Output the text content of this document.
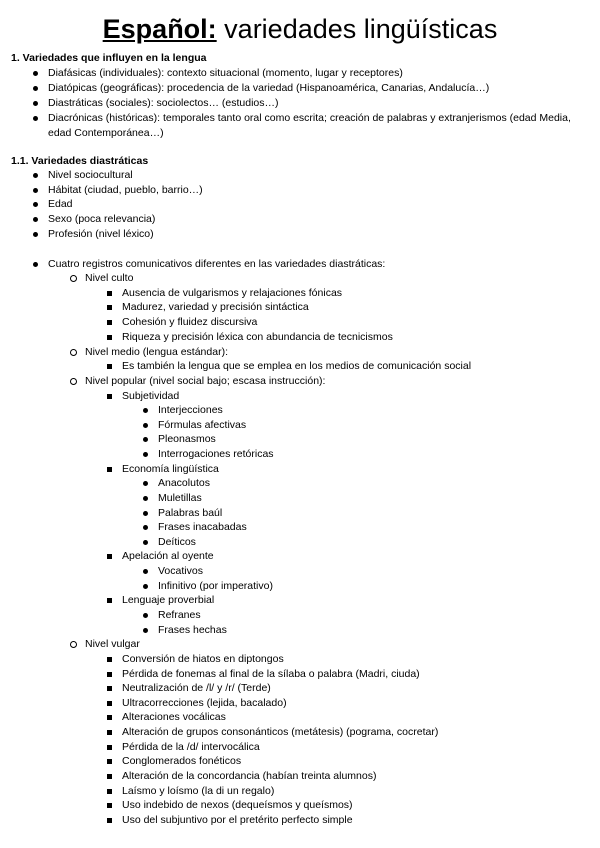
Español: variedades lingüísticas
1. Variedades que influyen en la lengua
Diafásicas (individuales): contexto situacional (momento, lugar y receptores)
Diatópicas (geográficas): procedencia de la variedad (Hispanoamérica, Canarias, Andalucía…)
Diastráticas (sociales): sociolectos… (estudios…)
Diacrónicas (históricas): temporales tanto oral como escrita; creación de palabras y extranjerismos (edad Media, edad Contemporánea…)
1.1. Variedades diastráticas
Nivel sociocultural
Hábitat (ciudad, pueblo, barrio…)
Edad
Sexo (poca relevancia)
Profesión (nivel léxico)
Cuatro registros comunicativos diferentes en las variedades diastráticas:
Nivel culto
Ausencia de vulgarismos y relajaciones fónicas
Madurez, variedad y precisión sintáctica
Cohesión y fluidez discursiva
Riqueza y precisión léxica con abundancia de tecnicismos
Nivel medio (lengua estándar):
Es también la lengua que se emplea en los medios de comunicación social
Nivel popular (nivel social bajo; escasa instrucción):
Subjetividad
Interjecciones
Fórmulas afectivas
Pleonasmos
Interrogaciones retóricas
Economía lingüística
Anacolutos
Muletillas
Palabras baúl
Frases inacabadas
Deíticos
Apelación al oyente
Vocativos
Infinitivo (por imperativo)
Lenguaje proverbial
Refranes
Frases hechas
Nivel vulgar
Conversión de hiatos en diptongos
Pérdida de fonemas al final de la sílaba o palabra (Madri, ciuda)
Neutralización de /l/ y /r/ (Terde)
Ultracorrecciones (lejida, bacalado)
Alteraciones vocálicas
Alteración de grupos consonánticos (metátesis) (pograma, cocretar)
Pérdida de la /d/ intervocálica
Conglomerados fonéticos
Alteración de la concordancia (habían treinta alumnos)
Laísmo y loísmo (la di un regalo)
Uso indebido de nexos (dequeísmos y queísmos)
Uso del subjuntivo por el pretérito perfecto simple
